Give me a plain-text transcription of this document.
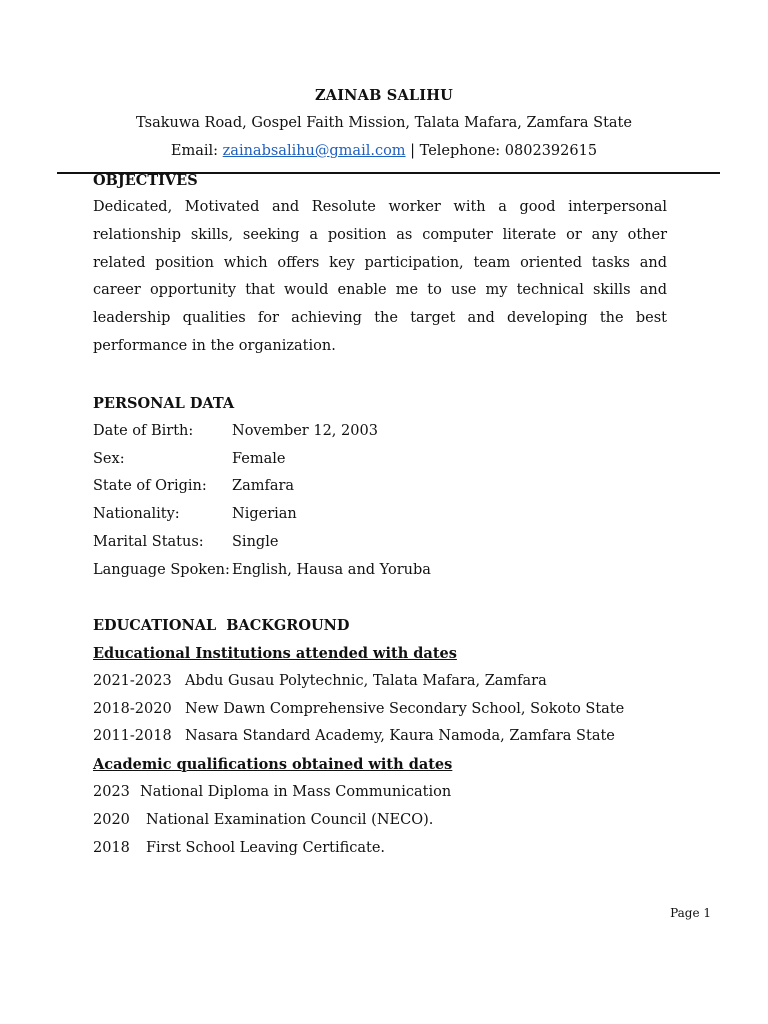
ZAINAB SALIHU
Tsakuwa Road, Gospel Faith Mission, Talata Mafara, Zamfara State
Email: zainabsalihu@gmail.com | Telephone: 0802392615
OBJECTIVES
Dedicated, Motivated and Resolute worker with a good interpersonal relationship skills, seeking a position as computer literate or any other related position which offers key participation, team oriented tasks and career opportunity that would enable me to use my technical skills and leadership qualities for achieving the target and developing the best performance in the organization.
PERSONAL DATA
Date of Birth:	November 12, 2003
Sex:	Female
State of Origin: Zamfara
Nationality:	Nigerian
Marital Status: Single
Language Spoken: English, Hausa and Yoruba
EDUCATIONAL  BACKGROUND
Educational Institutions attended with dates
2021-2023 Abdu Gusau Polytechnic, Talata Mafara, Zamfara
2018-2020 New Dawn Comprehensive Secondary School, Sokoto State
2011-2018 Nasara Standard Academy, Kaura Namoda, Zamfara State
Academic qualifications obtained with dates
2023 National Diploma in Mass Communication
2020 National Examination Council (NECO).
2018 First School Leaving Certificate.
Page 1
